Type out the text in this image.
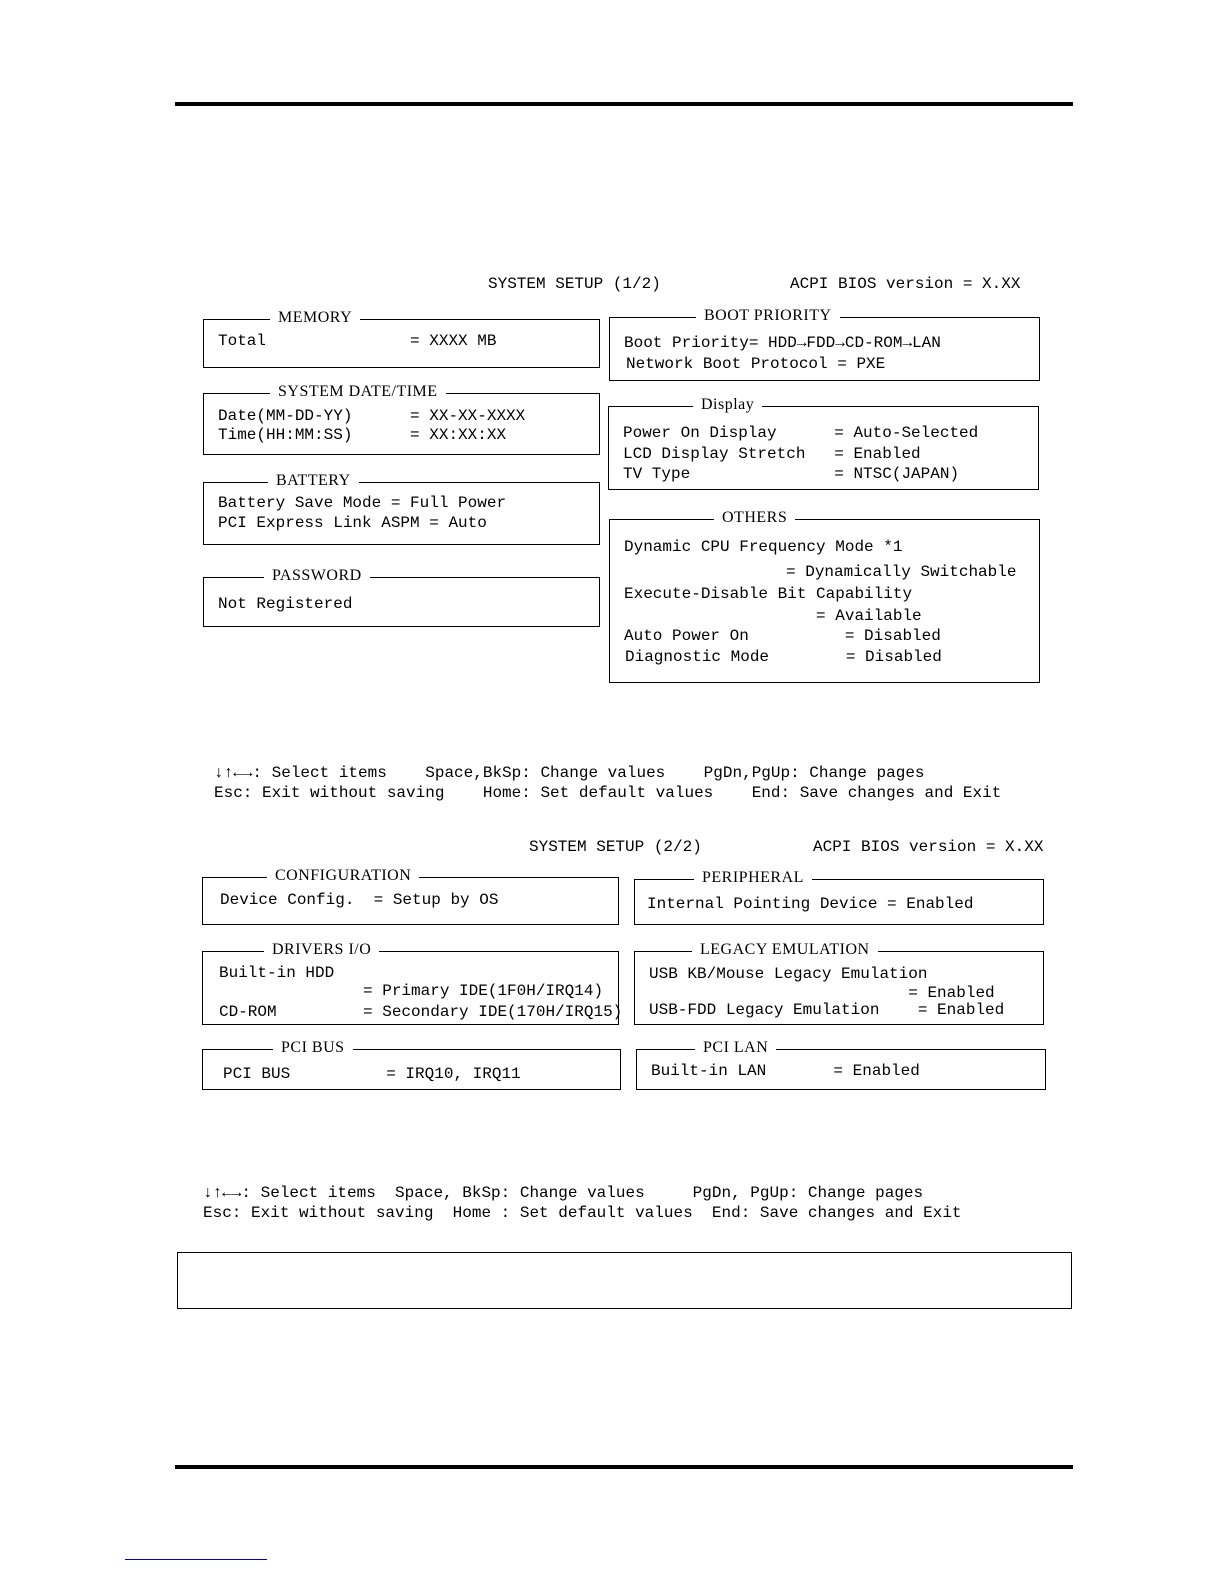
SYSTEM SETUP (1/2)	ACPI BIOS version = X.XX
MEMORY
Total               = XXXX MB
SYSTEM DATE/TIME
Date(MM-DD-YY)      = XX-XX-XXXX
Time(HH:MM:SS)      = XX:XX:XX
BATTERY
Battery Save Mode = Full Power
PCI Express Link ASPM = Auto
PASSWORD
Not Registered
BOOT PRIORITY
Boot Priority= HDD→FDD→CD-ROM→LAN
Network Boot Protocol = PXE
Display
Power On Display      = Auto-Selected
LCD Display Stretch   = Enabled
TV Type               = NTSC(JAPAN)
OTHERS
Dynamic CPU Frequency Mode *1
= Dynamically Switchable
Execute-Disable Bit Capability
= Available
Auto Power On          = Disabled
Diagnostic Mode        = Disabled
↓↑←→: Select items    Space,BkSp: Change values    PgDn,PgUp: Change pages
Esc: Exit without saving    Home: Set default values    End: Save changes and Exit
SYSTEM SETUP (2/2)	ACPI BIOS version = X.XX
CONFIGURATION
Device Config.  = Setup by OS
DRIVERS I/O
Built-in HDD
= Primary IDE(1F0H/IRQ14)
CD-ROM         = Secondary IDE(170H/IRQ15)
PCI BUS
PCI BUS          = IRQ10, IRQ11
PERIPHERAL
Internal Pointing Device = Enabled
LEGACY EMULATION
USB KB/Mouse Legacy Emulation
= Enabled
USB-FDD Legacy Emulation    = Enabled
PCI LAN
Built-in LAN       = Enabled
↓↑←→: Select items  Space, BkSp: Change values     PgDn, PgUp: Change pages
Esc: Exit without saving  Home : Set default values  End: Save changes and Exit
